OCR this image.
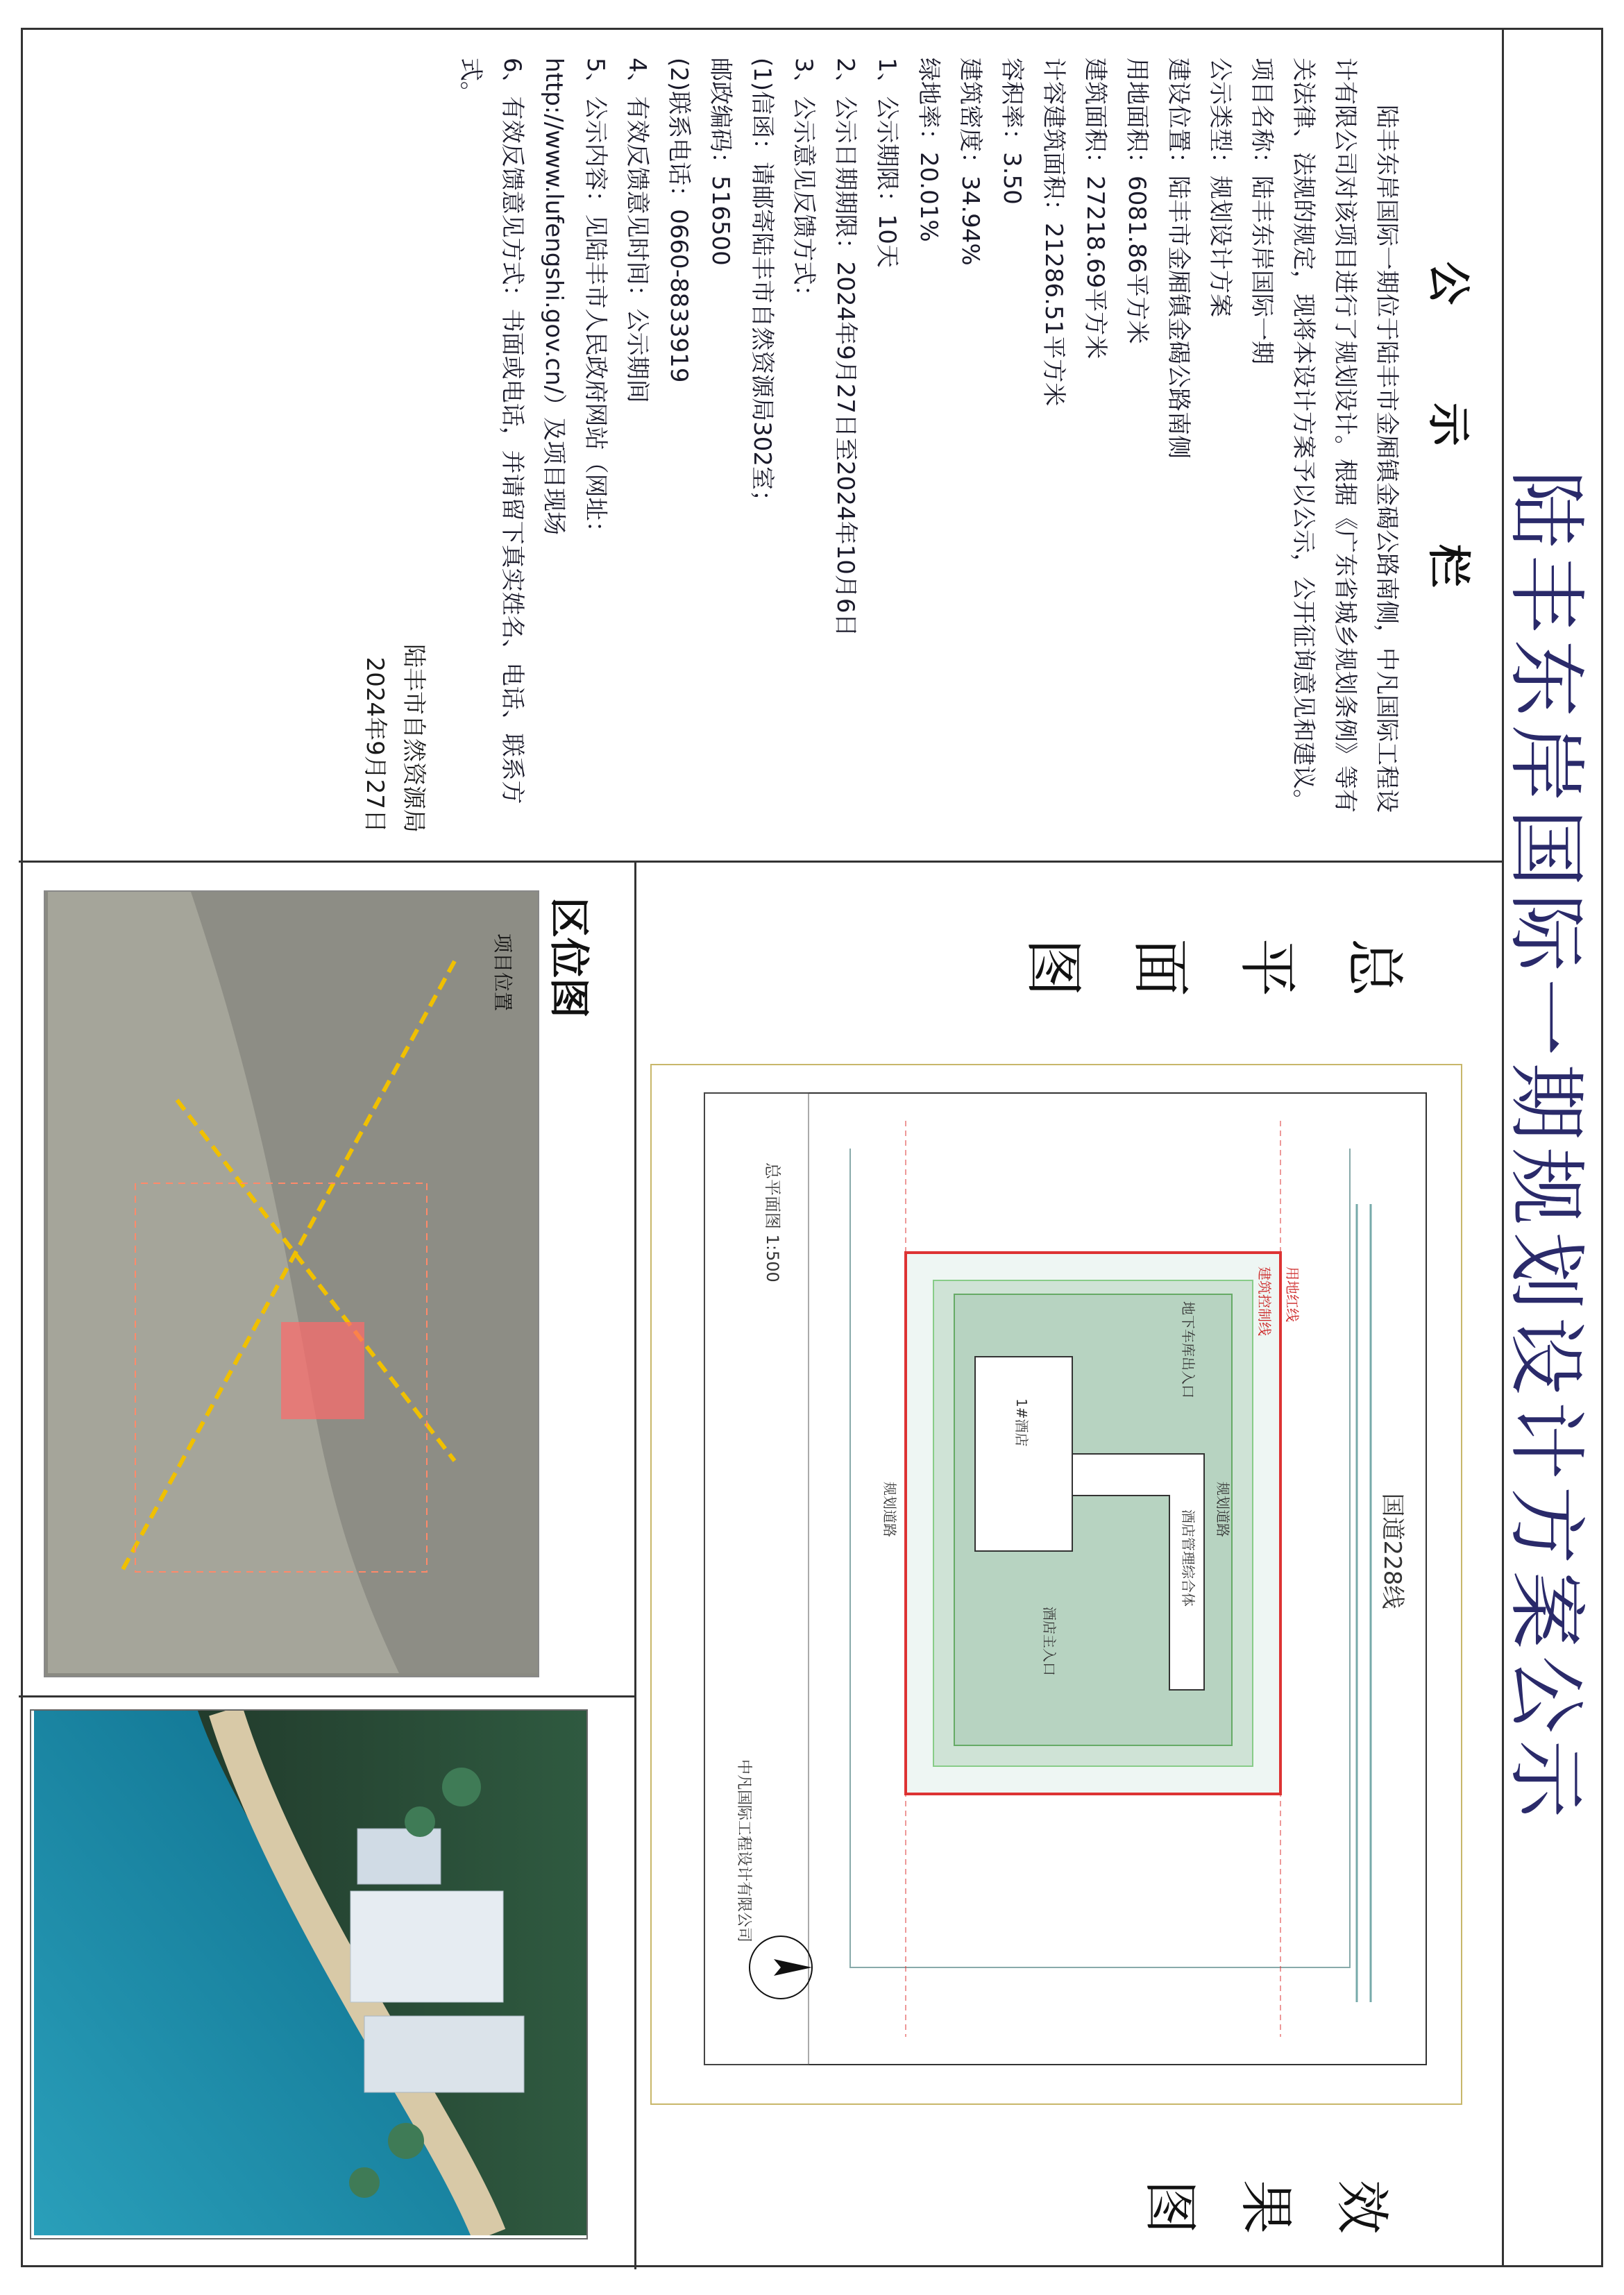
陆丰东岸国际一期规划设计方案公示
公 示 栏

陆丰东岸国际一期位于陆丰市金厢镇金碣公路南侧，中凡国际工程设计有限公司对该项目进行了规划设计。根据《广东省城乡规划条例》等有关法律、法规的规定，现将本设计方案予以公示，公开征询意见和建议。

项目名称：陆丰东岸国际一期

公示类型：规划设计方案

建设位置：陆丰市金厢镇金碣公路南侧

用地面积：6081.86平方米

建筑面积：27218.69平方米

计容建筑面积：21286.51平方米

容积率：3.50

建筑密度：34.94%

绿地率：20.01%

1、公示期限：10天

2、公示日期期限：2024年9月27日至2024年10月6日

3、公示意见反馈方式：

(1)信函：请邮寄陆丰市自然资源局302室；

邮政编码：516500

(2)联系电话：0660-8833919

4、有效反馈意见时间：公示期间

5、公示内容：见陆丰市人民政府网站（网址：http://www.lufengshi.gov.cn/）及项目现场

6、有效反馈意见方式：书面或电话，并请留下真实姓名、电话、联系方式。

陆丰市自然资源局
2024年9月27日
总平面图
国道228线
规划道路
规划道路
酒店主入口
地下车库出入口
用地红线
建筑控制线
酒店管理综合体
1#酒店
总平面图 1:500
中凡国际工程设计有限公司
区位图
项目位置
效果图
